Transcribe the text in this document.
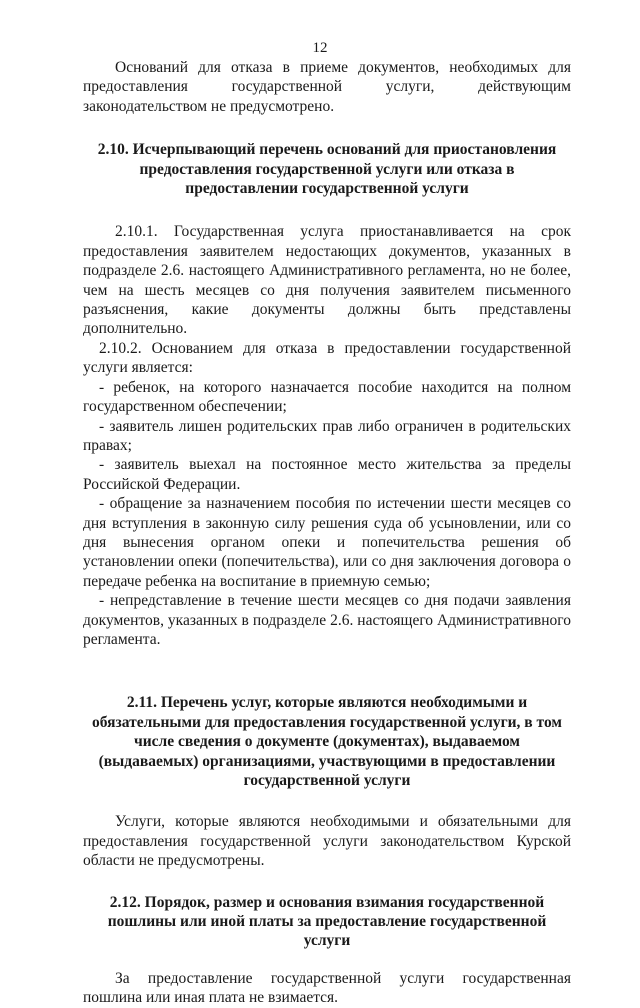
12

Оснований для отказа в приеме документов, необходимых для предоставления государственной услуги, действующим законодательством не предусмотрено.

2.10. Исчерпывающий перечень оснований для приостановления предоставления государственной услуги или отказа в предоставлении государственной услуги

2.10.1. Государственная услуга приостанавливается на срок предоставления заявителем недостающих документов, указанных в подразделе 2.6. настоящего Административного регламента, но не более, чем на шесть месяцев со дня получения заявителем письменного разъяснения, какие документы должны быть представлены дополнительно.

2.10.2. Основанием для отказа в предоставлении государственной услуги является:

- ребенок, на которого назначается пособие находится на полном государственном обеспечении;

- заявитель лишен родительских прав либо ограничен в родительских правах;

- заявитель выехал на постоянное место жительства за пределы Российской Федерации.

- обращение за назначением пособия по истечении шести месяцев со дня вступления в законную силу решения суда об усыновлении, или со дня вынесения органом опеки и попечительства решения об установлении опеки (попечительства), или со дня заключения договора о передаче ребенка на воспитание в приемную семью;

- непредставление в течение шести месяцев со дня подачи заявления документов, указанных в подразделе 2.6. настоящего Административного регламента.

2.11. Перечень услуг, которые являются необходимыми и обязательными для предоставления государственной услуги, в том числе сведения о документе (документах), выдаваемом (выдаваемых) организациями, участвующими в предоставлении государственной услуги

Услуги, которые являются необходимыми и обязательными для предоставления государственной услуги законодательством Курской области не предусмотрены.

2.12. Порядок, размер и основания взимания государственной пошлины или иной платы за предоставление государственной услуги

За предоставление государственной услуги государственная пошлина или иная плата не взимается.
